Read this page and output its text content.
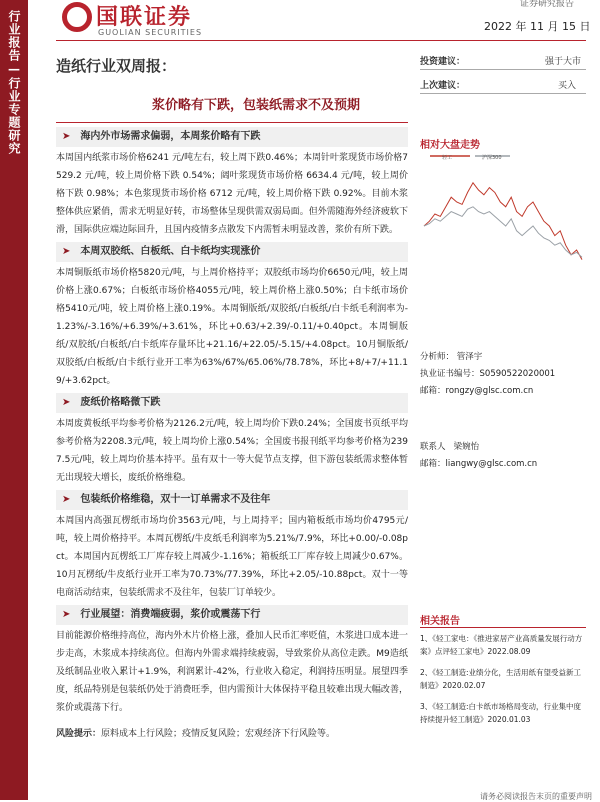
行业报告—行业专题研究	国联证券
GUOLIAN SECURITIES
证券研究报告
2022 年 11 月 15 日
造纸行业双周报：
浆价略有下跌，包装纸需求不及预期
投资建议：	强于大市
上次建议：	买入
➤ 海内外市场需求偏弱，本周浆价略有下跌

本周国内纸浆市场价格6241 元/吨左右，较上周下跌0.46%；本周针叶浆现货市场价格7529.2 元/吨，较上周价格下跌 0.54%；阔叶浆现货市场价格 6634.4 元/吨，较上周价格下跌 0.98%；本色浆现货市场价格 6712 元/吨，较上周价格下跌 0.92%。目前木浆整体供应紧俏，需求无明显好转，市场整体呈现供需双弱局面。但外需随海外经济疲软下滑，国际供应端边际回升，且国内疫情多点散发下内需暂未明显改善，浆价有所下跌。

➤ 本周双胶纸、白板纸、白卡纸均实现涨价

本周铜版纸市场价格5820元/吨，与上周价格持平；双胶纸市场均价6650元/吨，较上周价格上涨0.67%；白板纸市场价格4055元/吨，较上周价格上涨0.50%；白卡纸市场价格5410元/吨，较上周价格上涨0.19%。本周铜版纸/双胶纸/白板纸/白卡纸毛利润率为-1.23%/-3.16%/+6.39%/+3.61%，环比+0.63/+2.39/-0.11/+0.40pct。本周铜版纸/双胶纸/白板纸/白卡纸库存量环比+21.16/+22.05/-5.15/+4.08pct。10月铜版纸/双胶纸/白板纸/白卡纸行业开工率为63%/67%/65.06%/78.78%，环比+8/+7/+11.19/+3.62pct。

➤ 废纸价格略微下跌

本周废黄板纸平均参考价格为2126.2元/吨，较上周均价下跌0.24%；全国废书页纸平均参考价格为2208.3元/吨，较上周均价上涨0.54%；全国废书报刊纸平均参考价格为2397.5元/吨，较上周均价基本持平。虽有双十一等大促节点支撑，但下游包装纸需求整体暂无出现较大增长，废纸价格维稳。

➤ 包装纸价格维稳，双十一订单需求不及往年

本周国内高强瓦楞纸市场均价3563元/吨，与上周持平；国内箱板纸市场均价4795元/吨，较上周价格持平。本周瓦楞纸/牛皮纸毛利润率为5.21%/7.9%，环比+0.00/-0.08pct。本周国内瓦楞纸工厂库存较上周减少-1.16%；箱板纸工厂库存较上周减少0.67%。10月瓦楞纸/牛皮纸行业开工率为70.73%/77.39%，环比+2.05/-10.88pct。双十一等电商活动结束，包装纸需求不及往年，包装厂订单较少。

➤ 行业展望：消费端疲弱，浆价或震荡下行

目前能源价格维持高位，海内外木片价格上涨，叠加人民币汇率贬值，木浆进口成本进一步走高，木浆成本持续高位。但海内外需求端持续疲弱，导致浆价从高位走跌。M9造纸及纸制品业收入累计+1.9%，利润累计-42%，行业收入稳定，利润持压明显。展望四季度，纸品特别是包装纸仍处于消费旺季，但内需预计大体保持平稳且较难出现大幅改善，浆价或震荡下行。

风险提示：原料成本上行风险；疫情反复风险；宏观经济下行风险等。
相对大盘走势
轻工	沪深300
分析师： 管泽宇
执业证书编号：S0590522020001
邮箱：rongzy@glsc.com.cn
联系人 梁婉怡
邮箱：liangwy@glsc.com.cn
相关报告
1、《轻工家电：《推进家居产业高质量发展行动方案》点评轻工家电》2022.08.09
2、《轻工制造:业绩分化，生活用纸有望受益新工制造》2020.02.07
3、《轻工制造:白卡纸市场格局变动，行业集中度持续提升轻工制造》2020.01.03
请务必阅读报告末页的重要声明
